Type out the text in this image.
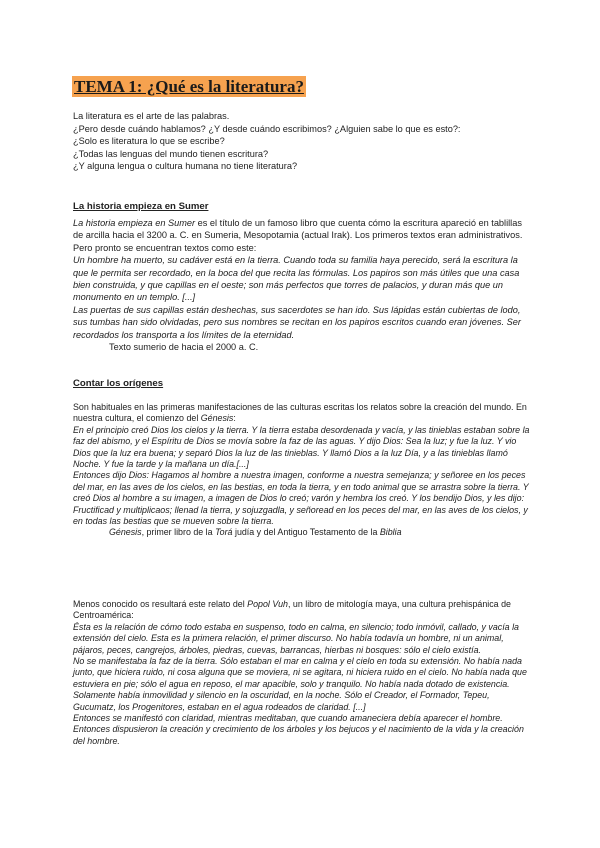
TEMA 1: ¿Qué es la literatura?

La literatura es el arte de las palabras.

¿Pero desde cuándo hablamos? ¿Y desde cuándo escribimos? ¿Alguien sabe lo que es esto?:

¿Solo es literatura lo que se escribe?

¿Todas las lenguas del mundo tienen escritura?

¿Y alguna lengua o cultura humana no tiene literatura?

La historia empieza en Sumer

La historia empieza en Sumer es el título de un famoso libro que cuenta cómo la escritura apareció en tablillas de arcilla hacia el 3200 a. C. en Sumeria, Mesopotamia (actual Irak). Los primeros textos eran administrativos. Pero pronto se encuentran textos como este:

Un hombre ha muerto, su cadáver está en la tierra. Cuando toda su familia haya perecido, será la escritura la que le permita ser recordado, en la boca del que recita las fórmulas. Los papiros son más útiles que una casa bien construida, y que capillas en el oeste; son más perfectos que torres de palacios, y duran más que un monumento en un templo. [...]

Las puertas de sus capillas están deshechas, sus sacerdotes se han ido. Sus lápidas están cubiertas de lodo, sus tumbas han sido olvidadas, pero sus nombres se recitan en los papiros escritos cuando eran jóvenes. Ser recordados los transporta a los límites de la eternidad.

Texto sumerio de hacia el 2000 a. C.

Contar los orígenes

Son habituales en las primeras manifestaciones de las culturas escritas los relatos sobre la creación del mundo. En nuestra cultura, el comienzo del Génesis:

En el principio creó Dios los cielos y la tierra. Y la tierra estaba desordenada y vacía, y las tinieblas estaban sobre la faz del abismo, y el Espíritu de Dios se movía sobre la faz de las aguas. Y dijo Dios: Sea la luz; y fue la luz. Y vio Dios que la luz era buena; y separó Dios la luz de las tinieblas. Y llamó Dios a la luz Día, y a las tinieblas llamó Noche. Y fue la tarde y la mañana un día.[...]

Entonces dijo Dios: Hagamos al hombre a nuestra imagen, conforme a nuestra semejanza; y señoree en los peces del mar, en las aves de los cielos, en las bestias, en toda la tierra, y en todo animal que se arrastra sobre la tierra. Y creó Dios al hombre a su imagen, a imagen de Dios lo creó; varón y hembra los creó. Y los bendijo Dios, y les dijo: Fructificad y multiplicaos; llenad la tierra, y sojuzgadla, y señoread en los peces del mar, en las aves de los cielos, y en todas las bestias que se mueven sobre la tierra.

Génesis, primer libro de la Torá judía y del Antiguo Testamento de la Biblia

Menos conocido os resultará este relato del Popol Vuh, un libro de mitología maya, una cultura prehispánica de Centroamérica:

Ésta es la relación de cómo todo estaba en suspenso, todo en calma, en silencio; todo inmóvil, callado, y vacía la extensión del cielo. Esta es la primera relación, el primer discurso. No había todavía un hombre, ni un animal, pájaros, peces, cangrejos, árboles, piedras, cuevas, barrancas, hierbas ni bosques: sólo el cielo existía.

No se manifestaba la faz de la tierra. Sólo estaban el mar en calma y el cielo en toda su extensión. No había nada junto, que hiciera ruido, ni cosa alguna que se moviera, ni se agitara, ni hiciera ruido en el cielo. No había nada que estuviera en pie; sólo el agua en reposo, el mar apacible, solo y tranquilo. No había nada dotado de existencia.

Solamente había inmovilidad y silencio en la oscuridad, en la noche. Sólo el Creador, el Formador, Tepeu, Gucumatz, los Progenitores, estaban en el agua rodeados de claridad. [...]

Entonces se manifestó con claridad, mientras meditaban, que cuando amaneciera debía aparecer el hombre. Entonces dispusieron la creación y crecimiento de los árboles y los bejucos y el nacimiento de la vida y la creación del hombre.
